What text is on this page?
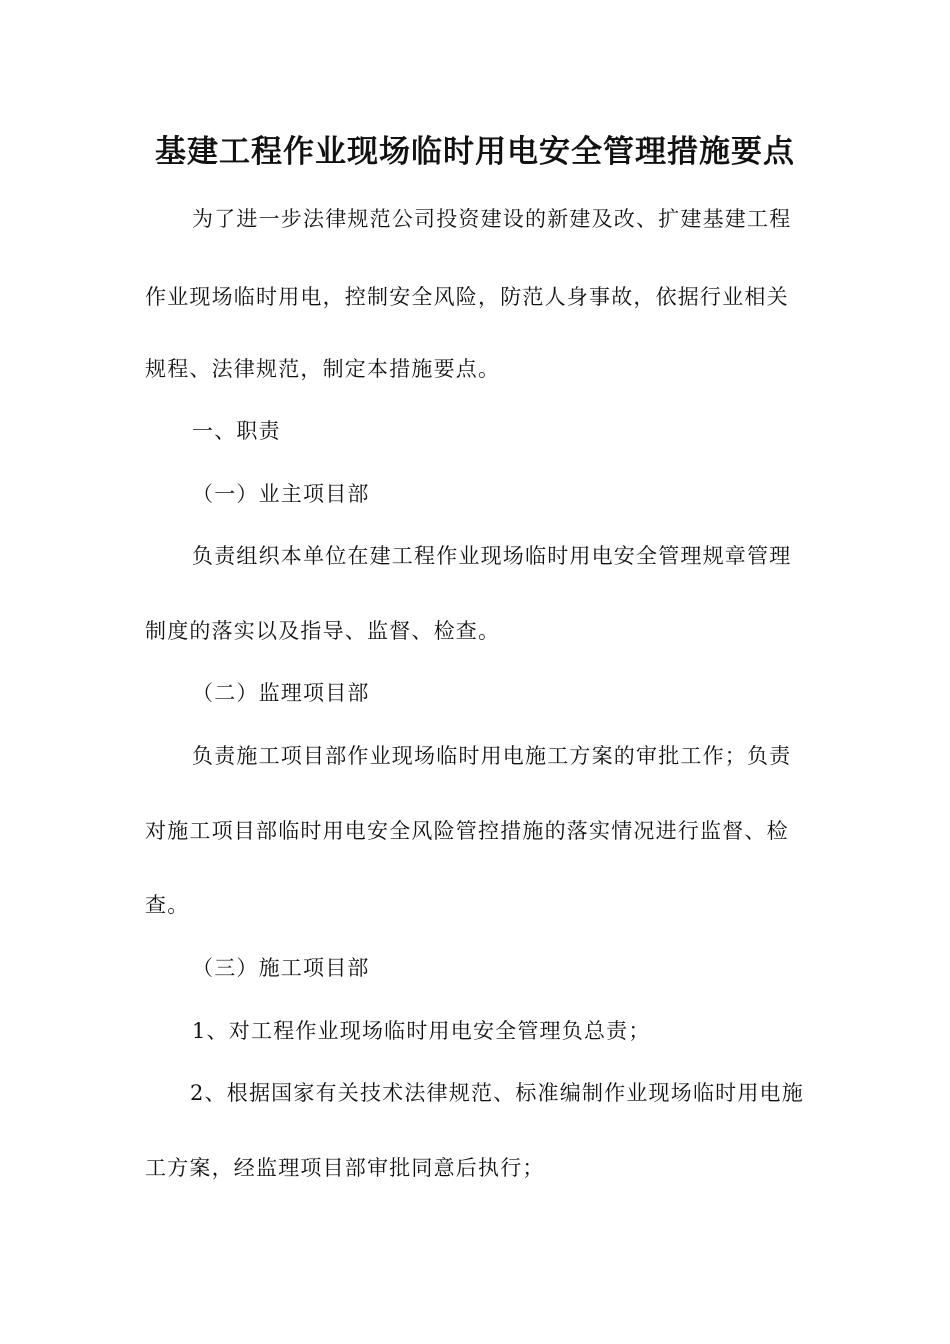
基建工程作业现场临时用电安全管理措施要点
为了进一步法律规范公司投资建设的新建及改、扩建基建工程
作业现场临时用电，控制安全风险，防范人身事故，依据行业相关
规程、法律规范，制定本措施要点。
一、职责
（一）业主项目部
负责组织本单位在建工程作业现场临时用电安全管理规章管理
制度的落实以及指导、监督、检查。
（二）监理项目部
负责施工项目部作业现场临时用电施工方案的审批工作；负责
对施工项目部临时用电安全风险管控措施的落实情况进行监督、检
查。
（三）施工项目部
1、对工程作业现场临时用电安全管理负总责；
2、根据国家有关技术法律规范、标准编制作业现场临时用电施
工方案，经监理项目部审批同意后执行；
